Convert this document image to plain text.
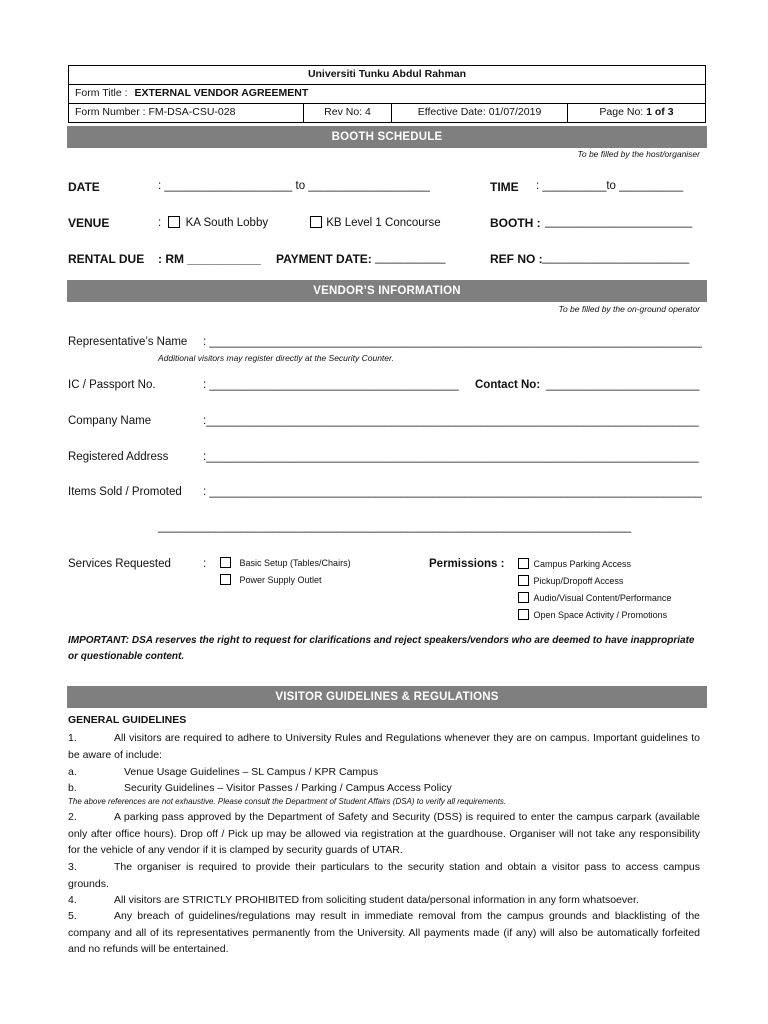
Universiti Tunku Abdul Rahman
Form Title : EXTERNAL VENDOR AGREEMENT
Form Number : FM-DSA-CSU-028	Rev No: 4	Effective Date: 01/07/2019	Page No: 1 of 3
BOOTH SCHEDULE
To be filled by the host/organiser
DATE	: ____________________ to ___________________	TIME : __________to __________
VENUE	: KA South Lobby	KB Level 1 Concourse	BOOTH : _______________________
RENTAL DUE : RM ___________ PAYMENT DATE: ___________	REF NO : _______________________
VENDOR’S INFORMATION
To be filled by the on-ground operator
Representative’s Name : _____________________________________________________________________________
Additional visitors may register directly at the Security Counter.
IC / Passport No.	: _______________________________________ Contact No: ________________________
Company Name	:_____________________________________________________________________________
Registered Address	:_____________________________________________________________________________
Items Sold / Promoted : _____________________________________________________________________________
__________________________________________________________________________
Services Requested	:	Basic Setup (Tables/Chairs)
Power Supply Outlet
Permissions :	Campus Parking Access
Pickup/Dropoff Access
Audio/Visual Content/Performance
Open Space Activity / Promotions
IMPORTANT: DSA reserves the right to request for clarifications and reject speakers/vendors who are deemed to have inappropriate or questionable content.
VISITOR GUIDELINES & REGULATIONS
GENERAL GUIDELINES
1.	All visitors are required to adhere to University Rules and Regulations whenever they are on campus. Important guidelines to be aware of include:
a.	Venue Usage Guidelines – SL Campus / KPR Campus
b.	Security Guidelines – Visitor Passes / Parking / Campus Access Policy
The above references are not exhaustive. Please consult the Department of Student Affairs (DSA) to verify all requirements.
2.	A parking pass approved by the Department of Safety and Security (DSS) is required to enter the campus carpark (available only after office hours). Drop off / Pick up may be allowed via registration at the guardhouse. Organiser will not take any responsibility for the vehicle of any vendor if it is clamped by security guards of UTAR.
3.	The organiser is required to provide their particulars to the security station and obtain a visitor pass to access campus grounds.
4.	All visitors are STRICTLY PROHIBITED from soliciting student data/personal information in any form whatsoever.
5.	Any breach of guidelines/regulations may result in immediate removal from the campus grounds and blacklisting of the company and all of its representatives permanently from the University. All payments made (if any) will also be automatically forfeited and no refunds will be entertained.
